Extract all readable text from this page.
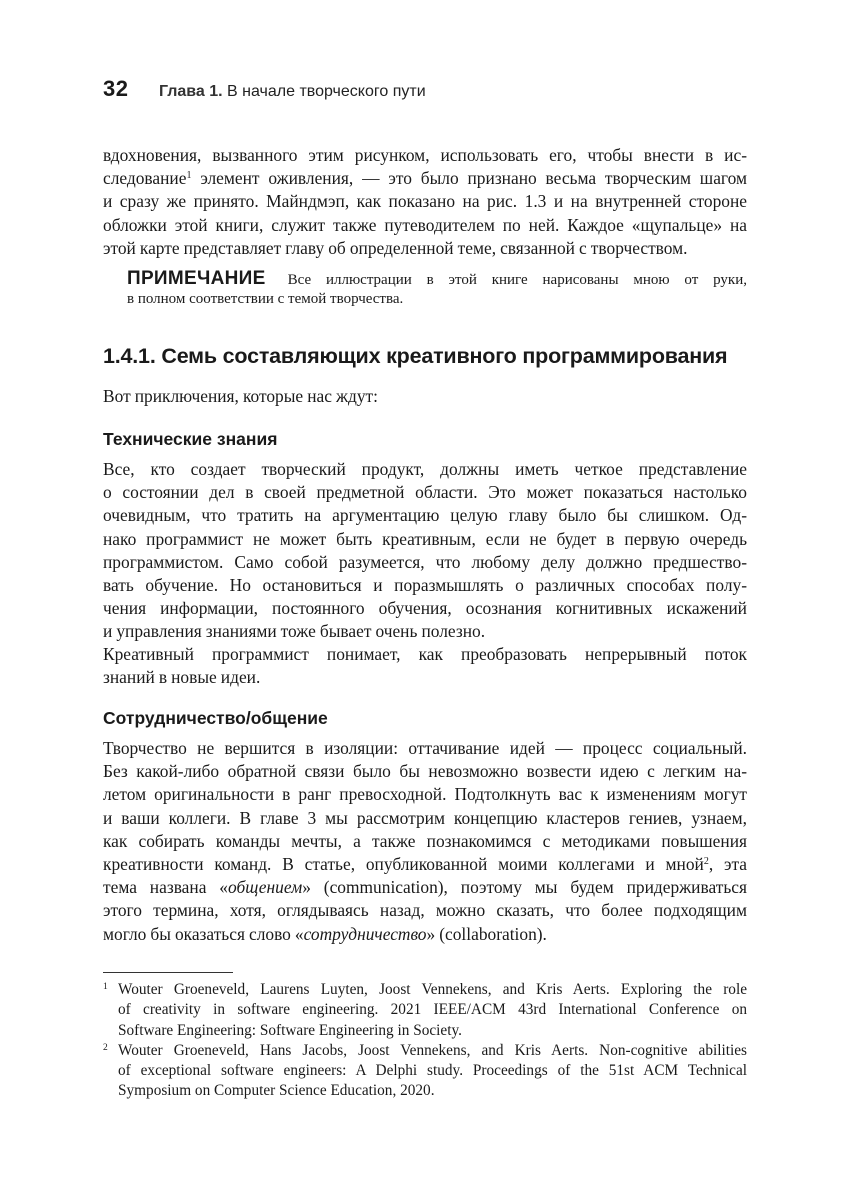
32 Глава 1. В начале творческого пути
вдохновения, вызванного этим рисунком, использовать его, чтобы внести в ис-
следование$^1$ элемент оживления, — это было признано весьма творческим шагом
и сразу же принято. Майндмэп, как показано на рис. 1.3 и на внутренней стороне
обложки этой книги, служит также путеводителем по ней. Каждое «щупальце» на
этой карте представляет главу об определенной теме, связанной с творчеством.
ПРИМЕЧАНИЕ Все иллюстрации в этой книге нарисованы мною от руки,
в полном соответствии с темой творчества.
1.4.1. Семь составляющих креативного программирования
Вот приключения, которые нас ждут:
Технические знания
Все, кто создает творческий продукт, должны иметь четкое представление
о состоянии дел в своей предметной области. Это может показаться настолько
очевидным, что тратить на аргументацию целую главу было бы слишком. Од-
нако программист не может быть креативным, если не будет в первую очередь
программистом. Само собой разумеется, что любому делу должно предшество-
вать обучение. Но остановиться и поразмышлять о различных способах полу-
чения информации, постоянного обучения, осознания когнитивных искажений
и управления знаниями тоже бывает очень полезно.
Креативный программист понимает, как преобразовать непрерывный поток
знаний в новые идеи.
Сотрудничество/общение
Творчество не вершится в изоляции: оттачивание идей — процесс социальный.
Без какой-либо обратной связи было бы невозможно возвести идею с легким на-
летом оригинальности в ранг превосходной. Подтолкнуть вас к изменениям могут
и ваши коллеги. В главе 3 мы рассмотрим концепцию кластеров гениев, узнаем,
как собирать команды мечты, а также познакомимся с методиками повышения
креативности команд. В статье, опубликованной моими коллегами и мной$^2$, эта
тема названа «общением» (communication), поэтому мы будем придерживаться
этого термина, хотя, оглядываясь назад, можно сказать, что более подходящим
могло бы оказаться слово «сотрудничество» (collaboration).
1 Wouter Groeneveld, Laurens Luyten, Joost Vennekens, and Kris Aerts. Exploring the role
of creativity in software engineering. 2021 IEEE/ACM 43rd International Conference on
Software Engineering: Software Engineering in Society.
2 Wouter Groeneveld, Hans Jacobs, Joost Vennekens, and Kris Aerts. Non-cognitive abilities
of exceptional software engineers: A Delphi study. Proceedings of the 51st ACM Technical
Symposium on Computer Science Education, 2020.
